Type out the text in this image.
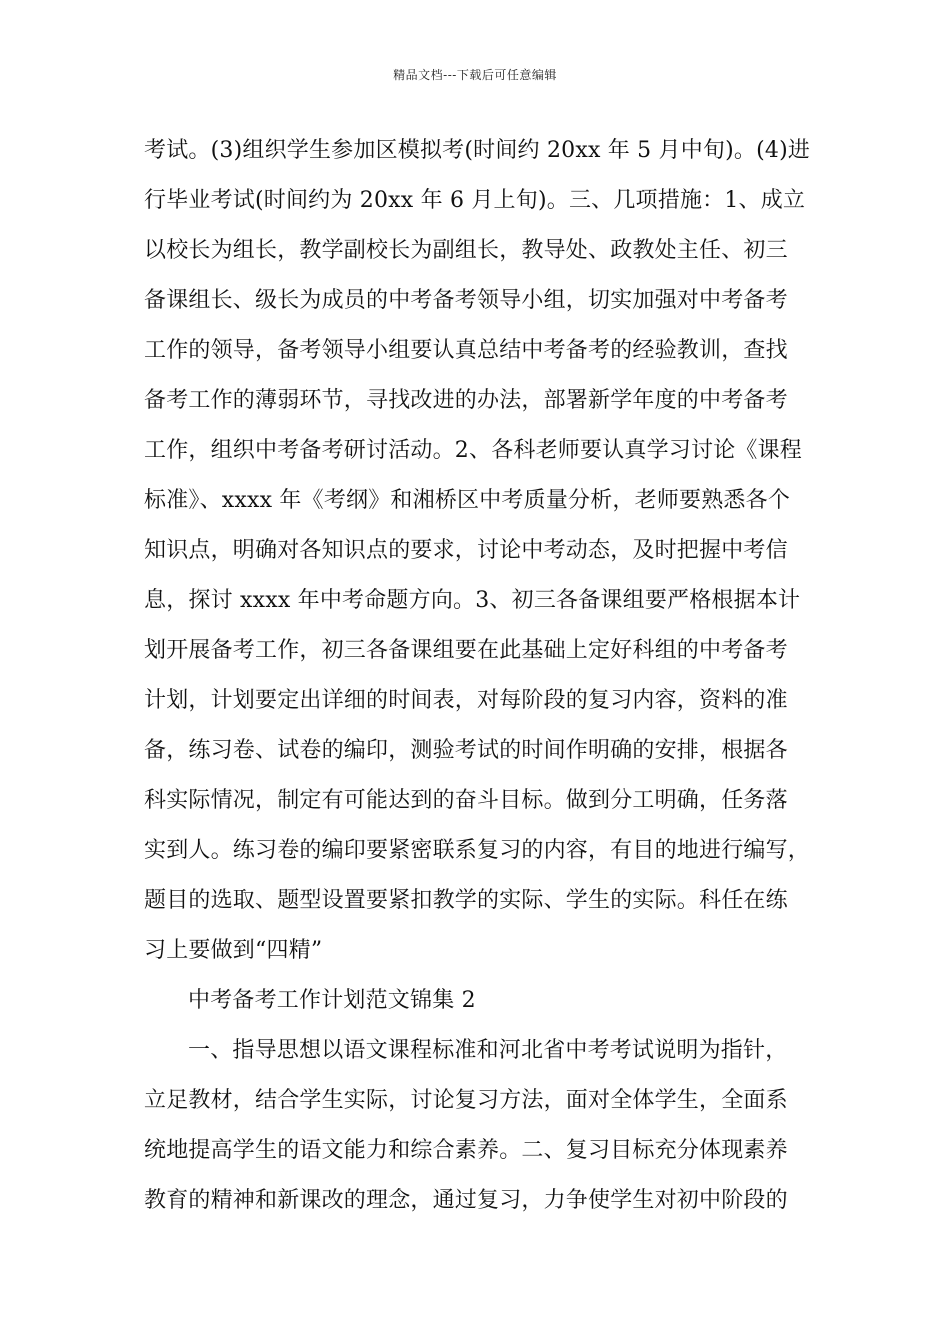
精品文档---下载后可任意编辑
考试。(3)组织学生参加区模拟考(时间约 20xx 年 5 月中旬)。(4)进
行毕业考试(时间约为 20xx 年 6 月上旬)。三、几项措施：1、成立
以校长为组长，教学副校长为副组长，教导处、政教处主任、初三
备课组长、级长为成员的中考备考领导小组，切实加强对中考备考
工作的领导，备考领导小组要认真总结中考备考的经验教训，查找
备考工作的薄弱环节，寻找改进的办法，部署新学年度的中考备考
工作，组织中考备考研讨活动。2、各科老师要认真学习讨论《课程
标准》、xxxx 年《考纲》和湘桥区中考质量分析，老师要熟悉各个
知识点，明确对各知识点的要求，讨论中考动态，及时把握中考信
息，探讨 xxxx 年中考命题方向。3、初三各备课组要严格根据本计
划开展备考工作，初三各备课组要在此基础上定好科组的中考备考
计划，计划要定出详细的时间表，对每阶段的复习内容，资料的准
备，练习卷、试卷的编印，测验考试的时间作明确的安排，根据各
科实际情况，制定有可能达到的奋斗目标。做到分工明确，任务落
实到人。练习卷的编印要紧密联系复习的内容，有目的地进行编写，
题目的选取、题型设置要紧扣教学的实际、学生的实际。科任在练
习上要做到“四精”
中考备考工作计划范文锦集 2
一、指导思想以语文课程标准和河北省中考考试说明为指针，
立足教材，结合学生实际，讨论复习方法，面对全体学生，全面系
统地提高学生的语文能力和综合素养。二、复习目标充分体现素养
教育的精神和新课改的理念，通过复习，力争使学生对初中阶段的
